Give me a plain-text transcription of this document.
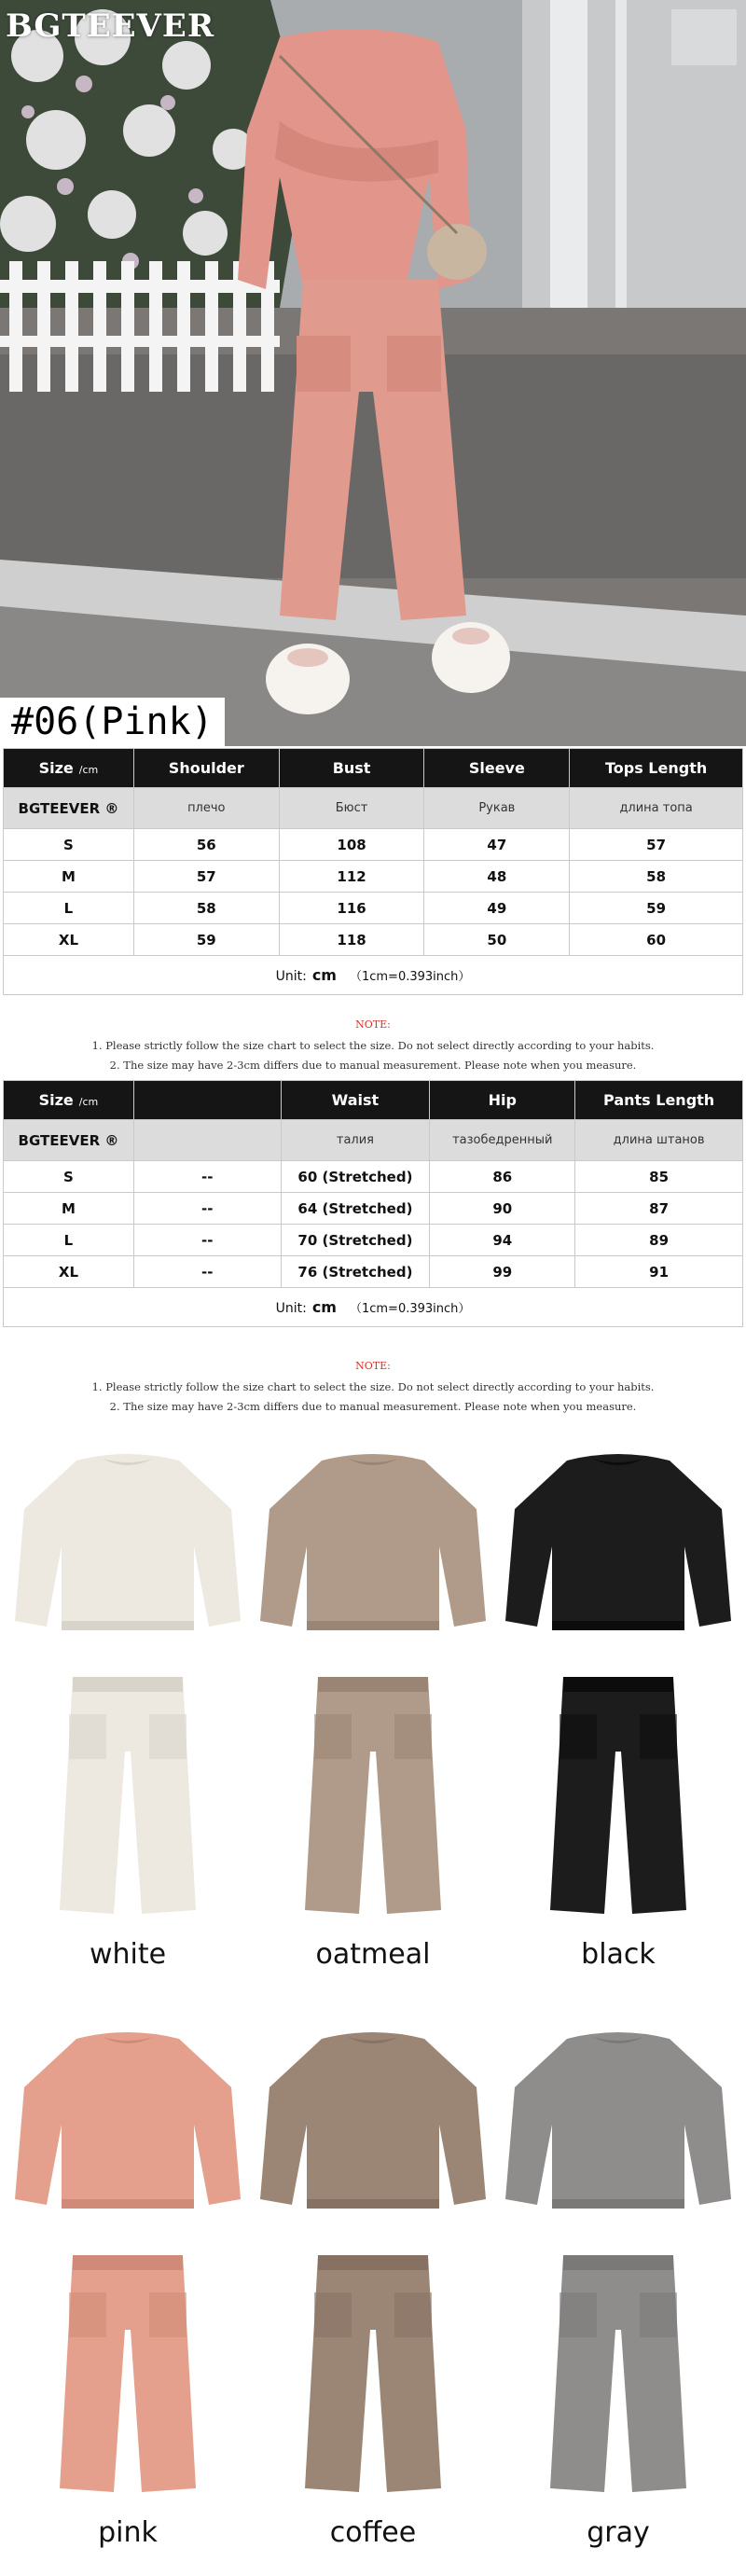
BGTEEVER
#06(Pink)
Size /cm	Shoulder	Bust	Sleeve	Tops Length
BGTEEVER ®	плечо	Бюст	Рукав	длина топа
S	56	108	47	57
M	57	112	48	58
L	58	116	49	59
XL	59	118	50	60
Unit: cm （1cm=0.393inch）				
NOTE:
1. Please strictly follow the size chart to select the size. Do not select directly according to your habits.
2. The size may have 2-3cm differs due to manual measurement. Please note when you measure.
Size /cm		Waist	Hip	Pants Length
BGTEEVER ®		талия	тазобедренный	длина штанов
S	--	60 (Stretched)	86	85
M	--	64 (Stretched)	90	87
L	--	70 (Stretched)	94	89
XL	--	76 (Stretched)	99	91
Unit: cm （1cm=0.393inch）				
NOTE:
1. Please strictly follow the size chart to select the size. Do not select directly according to your habits.
2. The size may have 2-3cm differs due to manual measurement. Please note when you measure.
white	oatmeal	black
pink	coffee	gray
